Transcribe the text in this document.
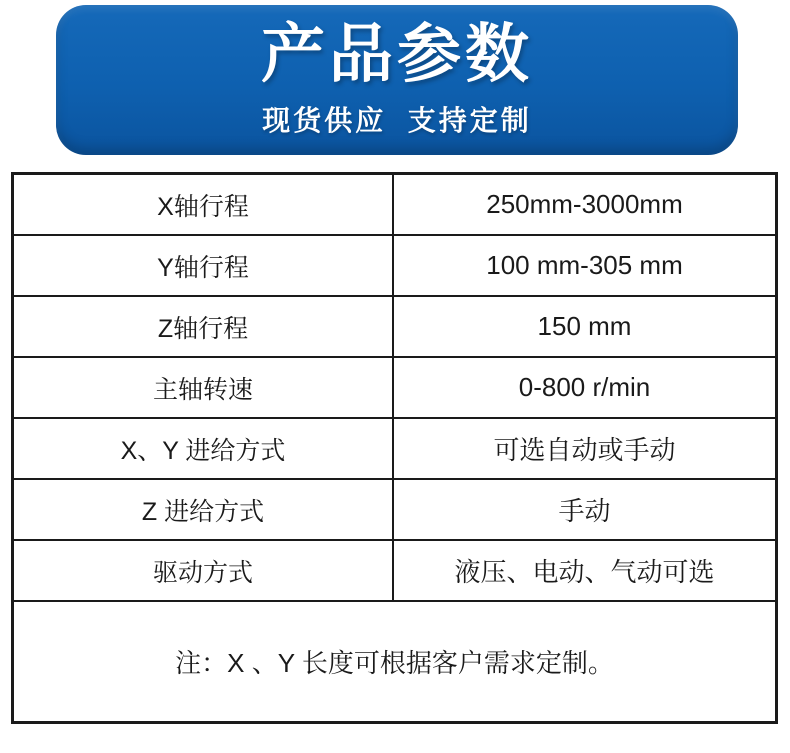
产品参数
现货供应  支持定制
X轴行程	250mm-3000mm
Y轴行程	100 mm-305 mm
Z轴行程	150 mm
主轴转速	0-800 r/min
X、Y 进给方式	可选自动或手动
Z 进给方式	手动
驱动方式	液压、电动、气动可选
注：X 、Y 长度可根据客户需求定制。
